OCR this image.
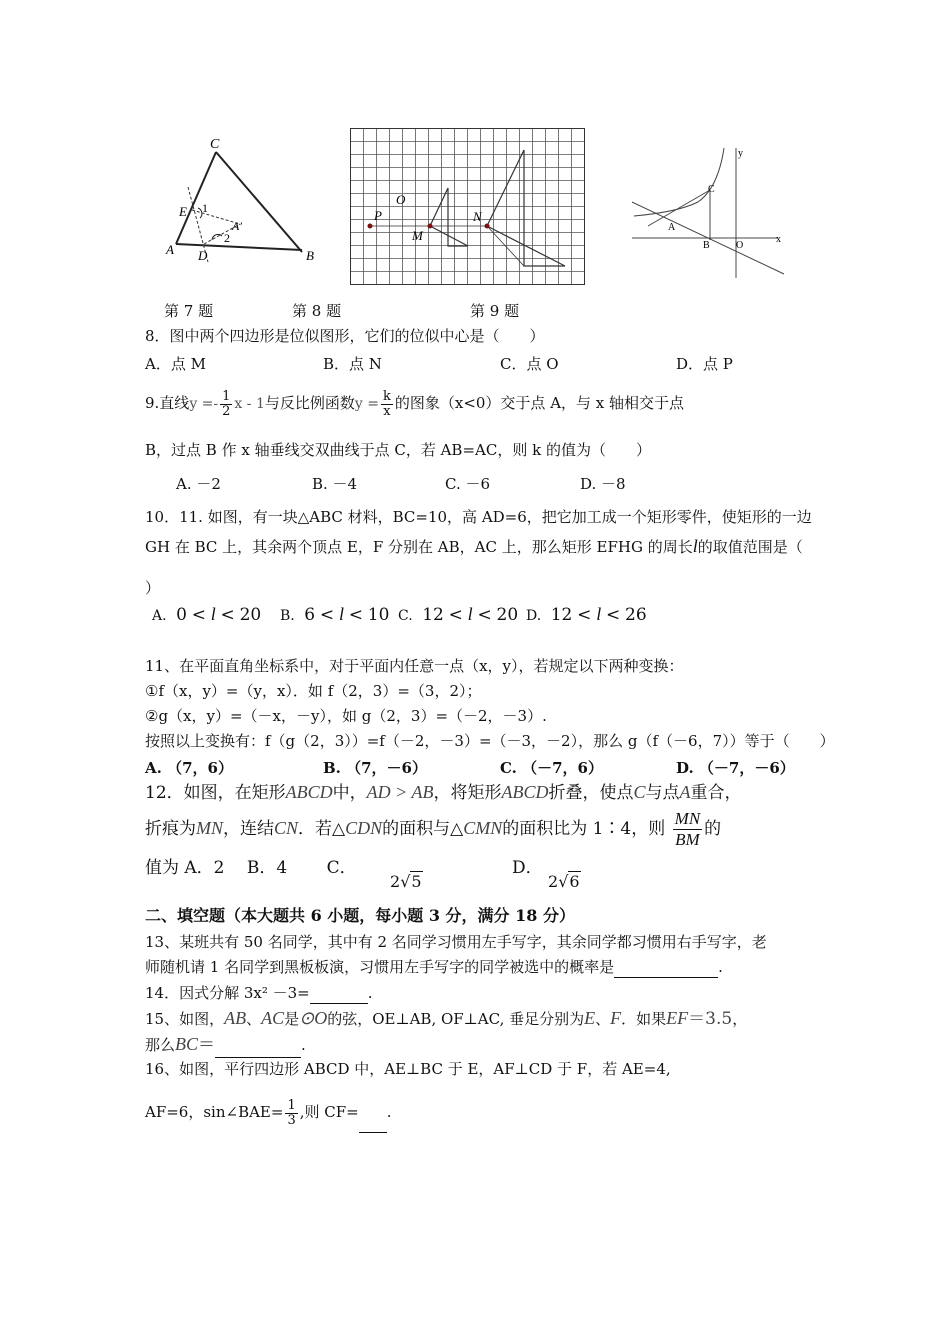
C
E 1
A′
2
A D	B
O
P
M
N
y
C
A
B	O
x
第 7 题	第 8 题	第 9 题
8．图中两个四边形是位似图形，它们的位似中心是（　　）
A．点 M	B．点 N	C．点 O	D．点 P
9.直线$y =- \frac{1}{2}$ x - 1与反比例函数$y = \frac{k}{x}$ 的图象（x<0）交于点 A，与 x 轴相交于点
B，过点 B 作 x 轴垂线交双曲线于点 C，若 AB=AC，则 k 的值为（　　）
A. －2	B. －4	C. －6	D. －8
10．11. 如图，有一块△ABC 材料，BC=10，高 AD=6，把它加工成一个矩形零件，使矩形的一边
GH 在 BC 上，其余两个顶点 E，F 分别在 AB，AC 上，那么矩形 EFHG 的周长l的取值范围是（
）
A. 0 < l < 20 B. 6 < l < 10 C. 12 < l < 20 D. 12 < l < 26
11、在平面直角坐标系中，对于平面内任意一点（x，y），若规定以下两种变换：
①f（x，y）=（y，x）．如 f（2，3）=（3，2）；
②g（x，y）=（－x，－y），如 g（2，3）=（－2，－3）.
按照以上变换有：f（g（2，3））=f（－2，－3）=（－3，－2），那么 g（f（－6，7））等于（　　）
A. （7，6）	B. （7，－6）	C. （－7，6）	D. （－7，－6）
12．如图，在矩形ABCD中，AD > AB，将矩形ABCD折叠，使点C与点A重合，
折痕为MN，连结CN．若△CDN的面积与△CMN的面积比为 1∶4，则 $\frac{MN}{BM}$ 的
值为 A．2　 B．4　　 C．
2√5
D．
2√6
二、填空题（本大题共 6 小题，每小题 3 分，满分 18 分）
13、某班共有 50 名同学，其中有 2 名同学习惯用左手写字，其余同学都习惯用右手写字，老
师随机请 1 名同学到黑板板演，习惯用左手写字的同学被选中的概率是	.
14．因式分解 3x² －3=	.
15、如图，AB、AC是⊙O的弦，OE⊥AB, OF⊥AC, 垂足分别为E、F．如果EF＝3.5，
那么BC＝	.
16、如图，平行四边形 ABCD 中，AE⊥BC 于 E，AF⊥CD 于 F，若 AE=4,
AF=6，sin∠BAE= $\frac{1}{3}$ ,则 CF= .
